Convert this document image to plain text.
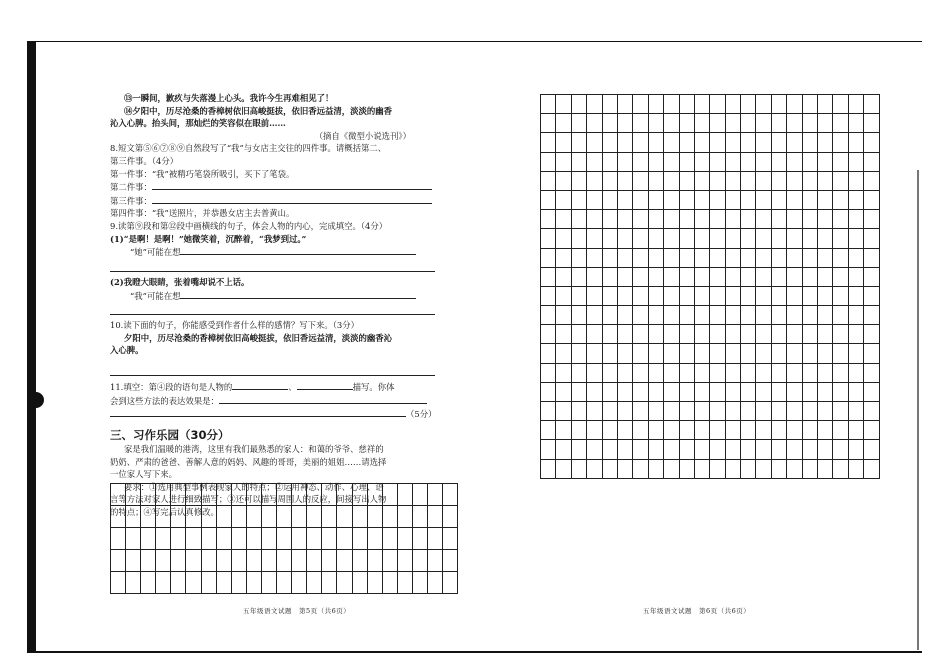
⑬一瞬间，歉疚与失落漫上心头。我许今生再难相见了！
⑭夕阳中，历尽沧桑的香樟树依旧高峻挺拔，依旧香远益清，淡淡的幽香
沁入心脾。抬头间，那灿烂的笑容似在眼前……
（摘自《微型小说选刊》）
8.短文第⑤⑥⑦⑧⑨自然段写了“我”与女店主交往的四件事。请概括第二、
第三件事。（4分）
第一件事：“我”被精巧笔袋所吸引，买下了笔袋。
第二件事：
第三件事：
第四件事：“我”送照片，并恭愚女店主去普黄山。
9.读第⑨段和第⑫段中画横线的句子，体会人物的内心，完成填空。（4分）
(1)“是啊！是啊！”她微笑着，沉醉着，“我梦到过。”
“她”可能在想
(2)我瞪大眼睛，张着嘴却说不上话。
“我”可能在想
10.读下面的句子，你能感受到作者什么样的感情？写下来。（3分）
夕阳中，历尽沧桑的香樟树依旧高峻挺拔，依旧香远益清，淡淡的幽香沁
入心脾。
11.填空：第④段的语句是人物的	、	描写。你体
会到这些方法的表达效果是：
（5分）
三、习作乐园（30分）
家是我们温暖的港湾，这里有我们最熟悉的家人：和蔼的爷爷、慈祥的
奶奶、严肃的爸爸、善解人意的妈妈、风趣的哥哥，美丽的姐姐……请选择
一位家人写下来。
要求：①选用典型事例表现家人的特点；②运用神态、动作、心理、语
言等方法对家人进行细致描写；③还可以描写周围人的反应，间接写出人物
的特点；④写完后认真修改。

五年级语文试题　第5页（共6页）	五年级语文试题　第6页（共6页）
